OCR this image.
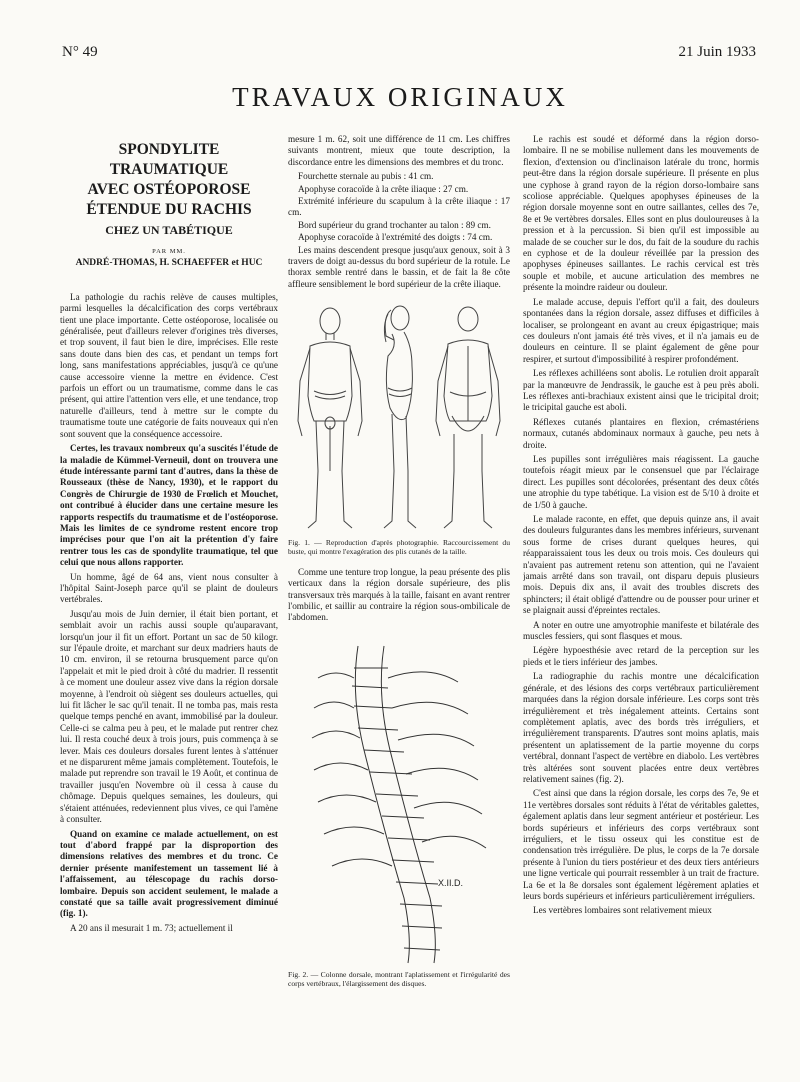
N° 49	21 Juin 1933
TRAVAUX ORIGINAUX
SPONDYLITE TRAUMATIQUE
AVEC OSTÉOPOROSE
ÉTENDUE DU RACHIS
CHEZ UN TABÉTIQUE
PAR MM.
ANDRÉ-THOMAS, H. SCHAEFFER et HUC

La pathologie du rachis relève de causes multiples, parmi lesquelles la décalcification des corps vertébraux tient une place importante. Cette ostéoporose, localisée ou généralisée, peut d'ailleurs relever d'origines très diverses, et trop souvent, il faut bien le dire, imprécises. Elle reste sans doute dans bien des cas, et pendant un temps fort long, sans manifestations appréciables, jusqu'à ce qu'une cause accessoire vienne la mettre en évidence. C'est parfois un effort ou un traumatisme, comme dans le cas présent, qui attire l'attention vers elle, et une tendance, trop naturelle d'ailleurs, tend à mettre sur le compte du traumatisme toute une catégorie de faits nouveaux qui n'en sont souvent que la conséquence accessoire.

Certes, les travaux nombreux qu'a suscités l'étude de la maladie de Kümmel-Verneuil, dont on trouvera une étude intéressante parmi tant d'autres, dans la thèse de Rousseaux (thèse de Nancy, 1930), et le rapport du Congrès de Chirurgie de 1930 de Frœlich et Mouchet, ont contribué à élucider dans une certaine mesure les rapports respectifs du traumatisme et de l'ostéoporose. Mais les limites de ce syndrome restent encore trop imprécises pour que l'on ait la prétention d'y faire rentrer tous les cas de spondylite traumatique, tel que celui que nous allons rapporter.

Un homme, âgé de 64 ans, vient nous consulter à l'hôpital Saint-Joseph parce qu'il se plaint de douleurs vertébrales.

Jusqu'au mois de Juin dernier, il était bien portant, et semblait avoir un rachis aussi souple qu'auparavant, lorsqu'un jour il fit un effort. Portant un sac de 50 kilogr. sur l'épaule droite, et marchant sur deux madriers hauts de 10 cm. environ, il se retourna brusquement parce qu'on l'appelait et mit le pied droit à côté du madrier. Il ressentit à ce moment une douleur assez vive dans la région dorsale moyenne, à l'endroit où siègent ses douleurs actuelles, qui lui fit lâcher le sac qu'il tenait. Il ne tomba pas, mais resta quelque temps penché en avant, immobilisé par la douleur. Celle-ci se calma peu à peu, et le malade put rentrer chez lui. Il resta couché deux à trois jours, puis commença à se lever. Mais ces douleurs dorsales furent lentes à s'atténuer et ne disparurent même jamais complètement. Toutefois, le malade put reprendre son travail le 19 Août, et continua de travailler jusqu'en Novembre où il cessa à cause du chômage. Depuis quelques semaines, les douleurs, qui s'étaient atténuées, redeviennent plus vives, ce qui l'amène à consulter.

Quand on examine ce malade actuellement, on est tout d'abord frappé par la disproportion des dimensions relatives des membres et du tronc. Ce dernier présente manifestement un tassement lié à l'affaissement, au télescopage du rachis dorso-lombaire. Depuis son accident seulement, le malade a constaté que sa taille avait progressivement diminué (fig. 1).

A 20 ans il mesurait 1 m. 73; actuellement il

mesure 1 m. 62, soit une différence de 11 cm. Les chiffres suivants montrent, mieux que toute description, la discordance entre les dimensions des membres et du tronc.

Fourchette sternale au pubis : 41 cm.

Apophyse coracoïde à la crête iliaque : 27 cm.

Extrémité inférieure du scapulum à la crête iliaque : 17 cm.

Bord supérieur du grand trochanter au talon : 89 cm.

Apophyse coracoïde à l'extrémité des doigts : 74 cm.

Les mains descendent presque jusqu'aux genoux, soit à 3 travers de doigt au-dessus du bord supérieur de la rotule. Le thorax semble rentré dans le bassin, et de fait la 8e côte affleure sensiblement le bord supérieur de la crête iliaque.

Fig. 1. — Reproduction d'après photographie. Raccourcissement du buste, qui montre l'exagération des plis cutanés de la taille.

Comme une tenture trop longue, la peau présente des plis verticaux dans la région dorsale supérieure, des plis transversaux très marqués à la taille, faisant en avant rentrer l'ombilic, et saillir au contraire la région sous-ombilicale de l'abdomen.

X.II.D.

Fig. 2. — Colonne dorsale, montrant l'aplatissement et l'irrégularité des corps vertébraux, l'élargissement des disques.

Le rachis est soudé et déformé dans la région dorso-lombaire. Il ne se mobilise nullement dans les mouvements de flexion, d'extension ou d'inclinaison latérale du tronc, hormis peut-être dans la région dorsale supérieure. Il présente en plus une cyphose à grand rayon de la région dorso-lombaire sans scoliose appréciable. Quelques apophyses épineuses de la région dorsale moyenne sont en outre saillantes, celles des 7e, 8e et 9e vertèbres dorsales. Elles sont en plus douloureuses à la pression et à la percussion. Si bien qu'il est impossible au malade de se coucher sur le dos, du fait de la soudure du rachis en cyphose et de la douleur réveillée par la pression des apophyses épineuses saillantes. Le rachis cervical est très souple et mobile, et aucune articulation des membres ne présente la moindre raideur ou douleur.

Le malade accuse, depuis l'effort qu'il a fait, des douleurs spontanées dans la région dorsale, assez diffuses et difficiles à localiser, se prolongeant en avant au creux épigastrique; mais ces douleurs n'ont jamais été très vives, et il n'a jamais eu de douleurs en ceinture. Il se plaint également de gêne pour respirer, et surtout d'impossibilité à respirer profondément.

Les réflexes achilléens sont abolis. Le rotulien droit apparaît par la manœuvre de Jendrassik, le gauche est à peu près aboli. Les réflexes anti-brachiaux existent ainsi que le tricipital droit; le tricipital gauche est aboli.

Réflexes cutanés plantaires en flexion, crémastériens normaux, cutanés abdominaux normaux à gauche, peu nets à droite.

Les pupilles sont irrégulières mais réagissent. La gauche toutefois réagit mieux par le consensuel que par l'éclairage direct. Les pupilles sont décolorées, présentant des deux côtés une atrophie du type tabétique. La vision est de 5/10 à droite et de 1/50 à gauche.

Le malade raconte, en effet, que depuis quinze ans, il avait des douleurs fulgurantes dans les membres inférieurs, survenant sous forme de crises durant quelques heures, qui réapparaissaient tous les deux ou trois mois. Ces douleurs qui n'avaient pas autrement retenu son attention, qui ne l'avaient jamais arrêté dans son travail, ont disparu depuis plusieurs mois. Depuis dix ans, il avait des troubles discrets des sphincters; il était obligé d'attendre ou de pousser pour uriner et se plaignait aussi d'épreintes rectales.

A noter en outre une amyotrophie manifeste et bilatérale des muscles fessiers, qui sont flasques et mous.

Légère hypoesthésie avec retard de la perception sur les pieds et le tiers inférieur des jambes.

La radiographie du rachis montre une décalcification générale, et des lésions des corps vertébraux particulièrement marquées dans la région dorsale inférieure. Les corps sont très irrégulièrement et très inégalement atteints. Certains sont complètement aplatis, avec des bords très irréguliers, et irrégulièrement transparents. D'autres sont moins aplatis, mais présentent un aplatissement de la partie moyenne du corps vertébral, donnant l'aspect de vertèbre en diabolo. Les vertèbres très altérées sont souvent placées entre deux vertèbres relativement saines (fig. 2).

C'est ainsi que dans la région dorsale, les corps des 7e, 9e et 11e vertèbres dorsales sont réduits à l'état de véritables galettes, également aplatis dans leur segment antérieur et postérieur. Les bords supérieurs et inférieurs des corps vertébraux sont irréguliers, et le tissu osseux qui les constitue est de condensation très irrégulière. De plus, le corps de la 7e dorsale présente à l'union du tiers postérieur et des deux tiers antérieurs une ligne verticale qui pourrait ressembler à un trait de fracture. La 6e et la 8e dorsales sont également légèrement aplaties et leurs bords supérieurs et inférieurs particulièrement irréguliers.

Les vertèbres lombaires sont relativement mieux
